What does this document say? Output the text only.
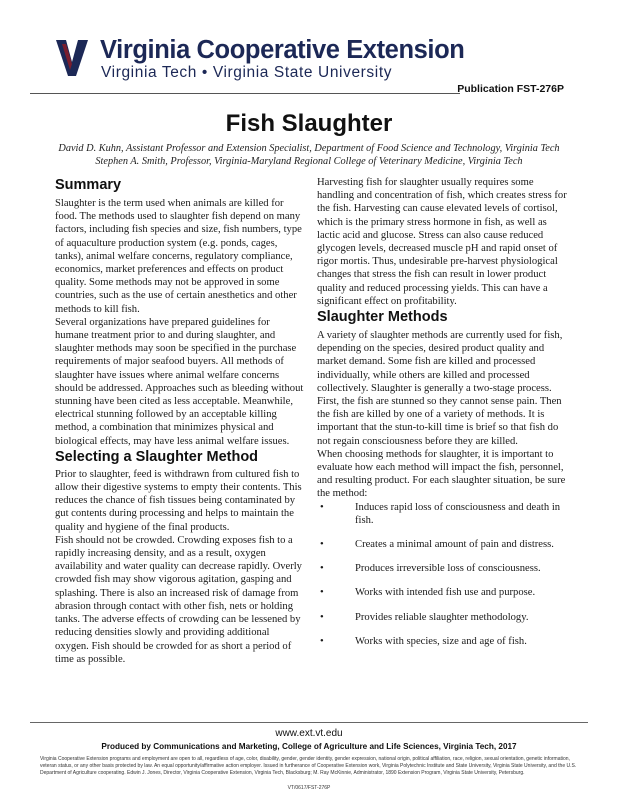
Virginia Cooperative Extension
Virginia Tech • Virginia State University
Publication FST-276P
Fish Slaughter
David D. Kuhn, Assistant Professor and Extension Specialist, Department of Food Science and Technology, Virginia Tech
Stephen A. Smith, Professor, Virginia-Maryland Regional College of Veterinary Medicine, Virginia Tech
Summary

Slaughter is the term used when animals are killed for food. The methods used to slaughter fish depend on many factors, including fish species and size, fish numbers, type of aquaculture production system (e.g. ponds, cages, tanks), animal welfare concerns, regulatory compliance, economics, market preferences and effects on product quality. Some methods may not be approved in some countries, such as the use of certain anesthetics and other methods to kill fish.

Several organizations have prepared guidelines for humane treatment prior to and during slaughter, and slaughter methods may soon be specified in the purchase requirements of major seafood buyers. All methods of slaughter have issues where animal welfare concerns should be addressed. Approaches such as bleeding without stunning have been cited as less acceptable. Meanwhile, electrical stunning followed by an acceptable killing method, a combination that minimizes physical and biological effects, may have less animal welfare issues.

Selecting a Slaughter Method

Prior to slaughter, feed is withdrawn from cultured fish to allow their digestive systems to empty their contents. This reduces the chance of fish tissues being contaminated by gut contents during processing and helps to maintain the quality and hygiene of the final products.

Fish should not be crowded. Crowding exposes fish to a rapidly increasing density, and as a result, oxygen availability and water quality can decrease rapidly. Overly crowded fish may show vigorous agitation, gasping and splashing. There is also an increased risk of damage from abrasion through contact with other fish, nets or holding tanks. The adverse effects of crowding can be lessened by reducing densities slowly and providing additional oxygen. Fish should be crowded for as short a period of time as possible.

Harvesting fish for slaughter usually requires some handling and concentration of fish, which creates stress for the fish. Harvesting can cause elevated levels of cortisol, which is the primary stress hormone in fish, as well as lactic acid and glucose. Stress can also cause reduced glycogen levels, decreased muscle pH and rapid onset of rigor mortis. Thus, undesirable pre-harvest physiological changes that stress the fish can result in lower product quality and reduced processing yields. This can have a significant effect on profitability.

Slaughter Methods

A variety of slaughter methods are currently used for fish, depending on the species, desired product quality and market demand. Some fish are killed and processed individually, while others are killed and processed collectively. Slaughter is generally a two-stage process. First, the fish are stunned so they cannot sense pain. Then the fish are killed by one of a variety of methods. It is important that the stun-to-kill time is brief so that fish do not regain consciousness before they are killed.

When choosing methods for slaughter, it is important to evaluate how each method will impact the fish, personnel, and resulting product. For each slaughter situation, be sure the method:

•	Induces rapid loss of consciousness and death in fish.
•	Creates a minimal amount of pain and distress.
•	Produces irreversible loss of consciousness.
•	Works with intended fish use and purpose.
•	Provides reliable slaughter methodology.
•	Works with species, size and age of fish.
www.ext.vt.edu
Produced by Communications and Marketing, College of Agriculture and Life Sciences, Virginia Tech, 2017
Virginia Cooperative Extension programs and employment are open to all, regardless of age, color, disability, gender, gender identity, gender expression, national origin, political affiliation, race, religion, sexual orientation, genetic information, veteran status, or any other basis protected by law. An equal opportunity/affirmative action employer. Issued in furtherance of Cooperative Extension work, Virginia Polytechnic Institute and State University, Virginia State University, and the U.S. Department of Agriculture cooperating. Edwin J. Jones, Director, Virginia Cooperative Extension, Virginia Tech, Blacksburg; M. Ray McKinnie, Administrator, 1890 Extension Program, Virginia State University, Petersburg.
VT/0617/FST-276P
